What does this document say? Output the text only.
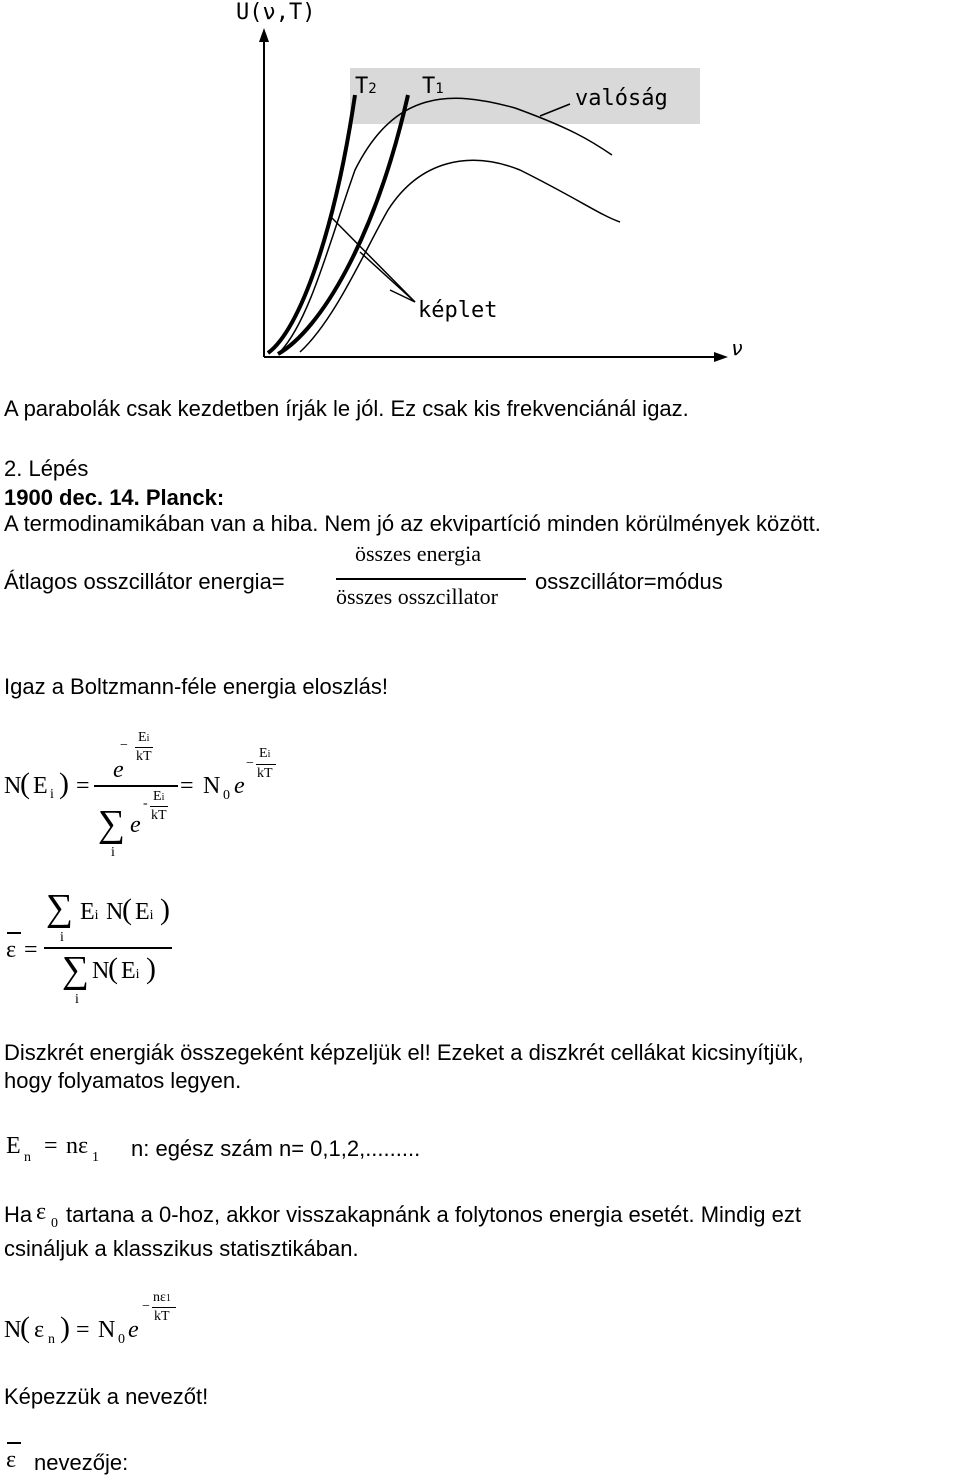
U(ν,T)
ν
T2 T1	valóság
képlet
A parabolák csak kezdetben írják le jól. Ez csak kis frekvenciánál igaz.
2. Lépés
1900 dec. 14. Planck:
A termodinamikában van a hiba. Nem jó az ekvipartíció minden körülmények között.
Átlagos osszcillátor energia=
összes energia
összes osszcillator
osszcillátor=módus
Igaz a Boltzmann-féle energia eloszlás!
N
( E i ) =
e
−
Ei
kT
∑
i
e
- Ei
kT
= N 0 e
−
Ei
kT
ε =
∑
i
Ei N
( Ei )
∑
i
N
( Ei )
Diszkrét energiák összegeként képzeljük el! Ezeket a diszkrét cellákat kicsinyítjük,
hogy folyamatos legyen.
E n = nε 1 n: egész szám n= 0,1,2,.........
Ha ε 0 tartana a 0-hoz, akkor visszakapnánk a folytonos energia esetét. Mindig ezt
csináljuk a klasszikus statisztikában.
N
( ε n ) = N 0 e
−
nε1
kT
Képezzük a nevezőt!
ε nevezője:
